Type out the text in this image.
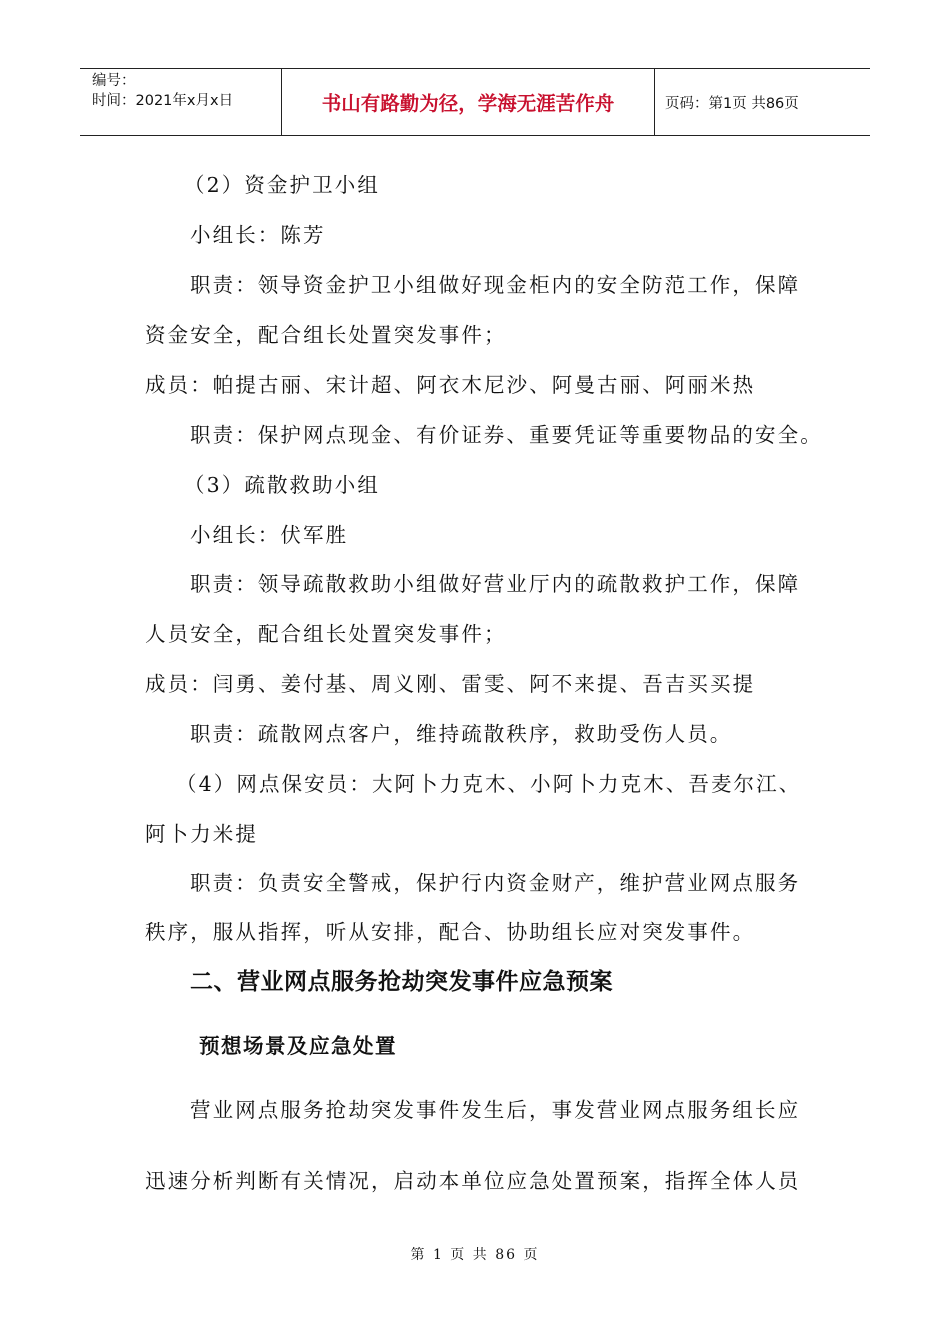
编号：
时间：2021年x月x日	书山有路勤为径，学海无涯苦作舟	页码：第1页 共86页
（2）资金护卫小组
小组长：陈芳
职责：领导资金护卫小组做好现金柜内的安全防范工作，保障
资金安全，配合组长处置突发事件；
成员：帕提古丽、宋计超、阿衣木尼沙、阿曼古丽、阿丽米热
职责：保护网点现金、有价证券、重要凭证等重要物品的安全。
（3）疏散救助小组
小组长：伏军胜
职责：领导疏散救助小组做好营业厅内的疏散救护工作，保障
人员安全，配合组长处置突发事件；
成员：闫勇、姜付基、周义刚、雷雯、阿不来提、吾吉买买提
职责：疏散网点客户，维持疏散秩序，救助受伤人员。
（4）网点保安员：大阿卜力克木、小阿卜力克木、吾麦尔江、
阿卜力米提
职责：负责安全警戒，保护行内资金财产，维护营业网点服务
秩序，服从指挥，听从安排，配合、协助组长应对突发事件。
二、营业网点服务抢劫突发事件应急预案
预想场景及应急处置
营业网点服务抢劫突发事件发生后，事发营业网点服务组长应
迅速分析判断有关情况，启动本单位应急处置预案，指挥全体人员
第 1 页 共 86 页
